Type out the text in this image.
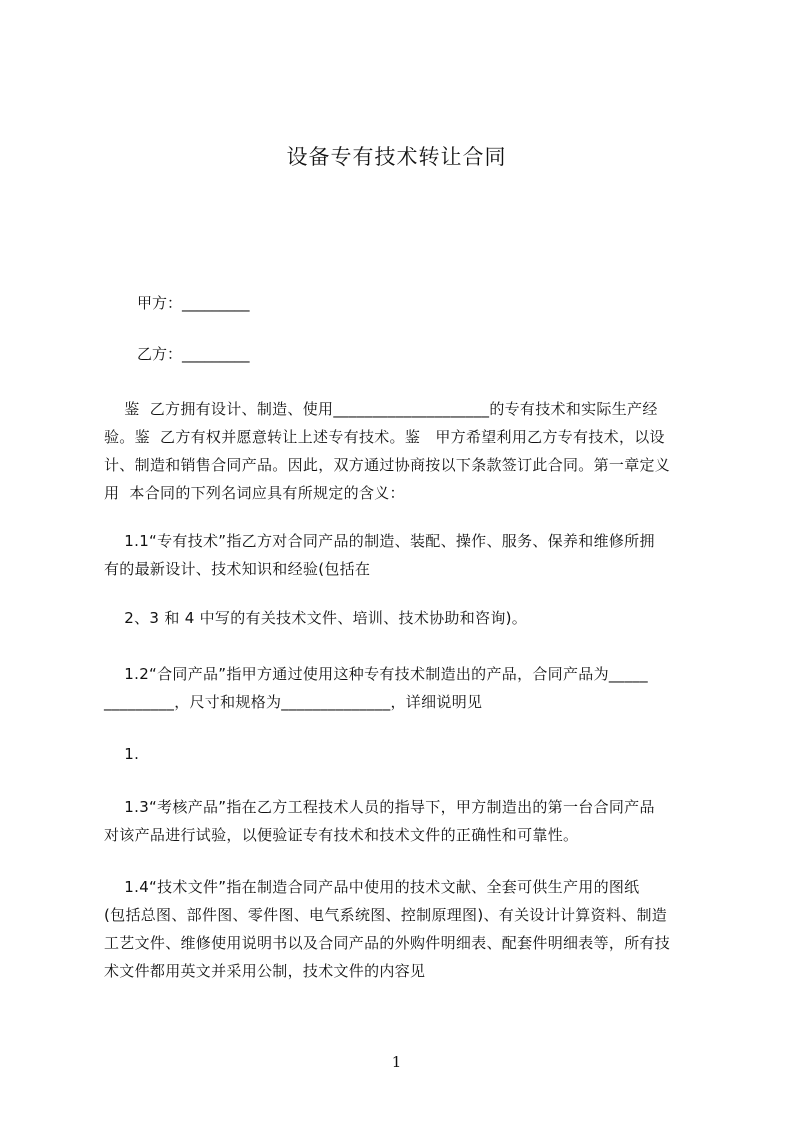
设备专有技术转让合同
甲方：_________
乙方：_________
鉴  乙方拥有设计、制造、使用____________________的专有技术和实际生产经
验。鉴  乙方有权并愿意转让上述专有技术。鉴   甲方希望利用乙方专有技术，以设
计、制造和销售合同产品。因此，双方通过协商按以下条款签订此合同。第一章定义
用  本合同的下列名词应具有所规定的含义：
1.1“专有技术”指乙方对合同产品的制造、装配、操作、服务、保养和维修所拥
有的最新设计、技术知识和经验(包括在
2、3 和 4 中写的有关技术文件、培训、技术协助和咨询)。
1.2“合同产品”指甲方通过使用这种专有技术制造出的产品，合同产品为_____
_________，尺寸和规格为______________，详细说明见
1.
1.3“考核产品”指在乙方工程技术人员的指导下，甲方制造出的第一台合同产品
对该产品进行试验，以便验证专有技术和技术文件的正确性和可靠性。
1.4“技术文件”指在制造合同产品中使用的技术文献、全套可供生产用的图纸
(包括总图、部件图、零件图、电气系统图、控制原理图)、有关设计计算资料、制造
工艺文件、维修使用说明书以及合同产品的外购件明细表、配套件明细表等，所有技
术文件都用英文并采用公制，技术文件的内容见
1
